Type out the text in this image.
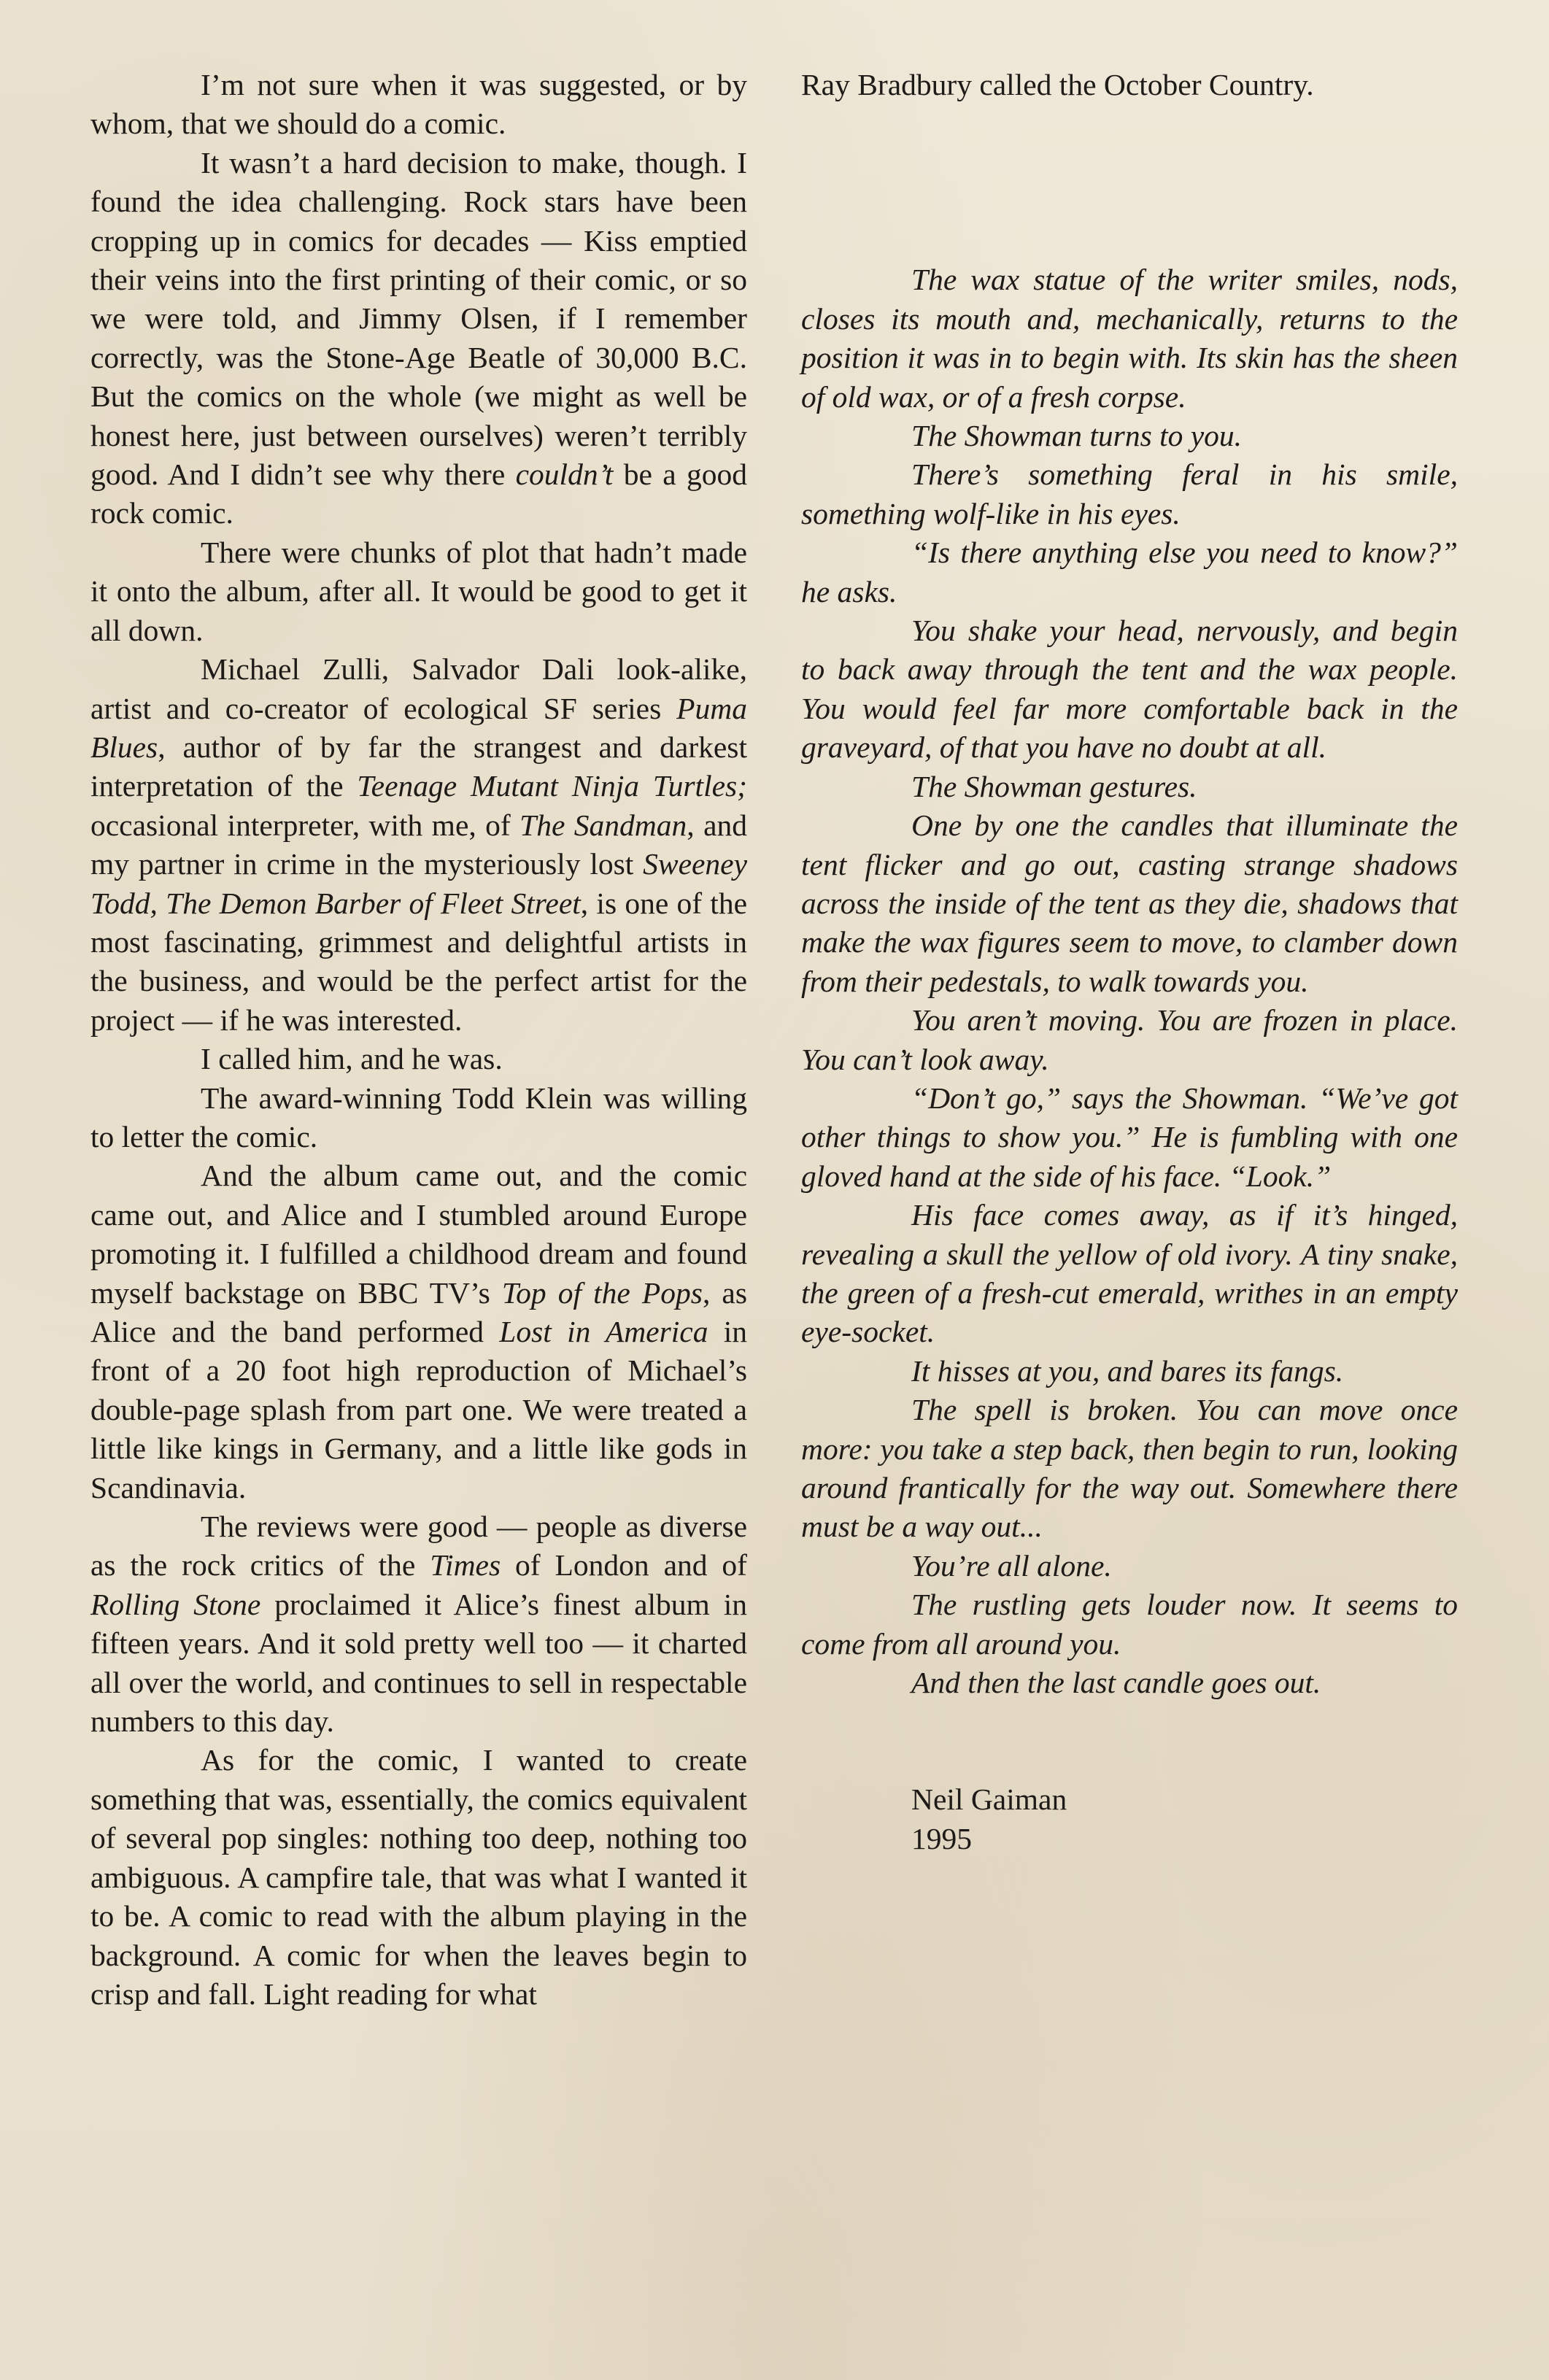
I’m not sure when it was suggested, or by whom, that we should do a comic.

It wasn’t a hard decision to make, though. I found the idea challenging. Rock stars have been cropping up in comics for decades — Kiss emptied their veins into the first printing of their comic, or so we were told, and Jimmy Olsen, if I remember correctly, was the Stone-Age Beatle of 30,000 B.C. But the comics on the whole (we might as well be honest here, just between ourselves) weren’t terribly good. And I didn’t see why there couldn’t be a good rock comic.

There were chunks of plot that hadn’t made it onto the album, after all. It would be good to get it all down.

Michael Zulli, Salvador Dali look-alike, artist and co-creator of ecological SF series Puma Blues, author of by far the strangest and darkest interpretation of the Teenage Mutant Ninja Turtles; occasional interpreter, with me, of The Sandman, and my partner in crime in the mysteriously lost Sweeney Todd, The Demon Barber of Fleet Street, is one of the most fascinating, grimmest and delightful artists in the business, and would be the perfect artist for the project — if he was interested.

I called him, and he was.

The award-winning Todd Klein was willing to letter the comic.

And the album came out, and the comic came out, and Alice and I stumbled around Europe promoting it. I fulfilled a childhood dream and found myself backstage on BBC TV’s Top of the Pops, as Alice and the band performed Lost in America in front of a 20 foot high reproduction of Michael’s double-page splash from part one. We were treated a little like kings in Germany, and a little like gods in Scandinavia.

The reviews were good — people as diverse as the rock critics of the Times of London and of Rolling Stone proclaimed it Alice’s finest album in fifteen years. And it sold pretty well too — it charted all over the world, and continues to sell in respectable numbers to this day.

As for the comic, I wanted to create something that was, essentially, the comics equivalent of several pop singles: nothing too deep, nothing too ambiguous. A campfire tale, that was what I wanted it to be. A comic to read with the album playing in the background. A comic for when the leaves begin to crisp and fall. Light reading for what

Ray Bradbury called the October Country.

The wax statue of the writer smiles, nods, closes its mouth and, mechanically, returns to the position it was in to begin with. Its skin has the sheen of old wax, or of a fresh corpse.

The Showman turns to you.

There’s something feral in his smile, something wolf-like in his eyes.

“Is there anything else you need to know?” he asks.

You shake your head, nervously, and begin to back away through the tent and the wax people. You would feel far more comfortable back in the graveyard, of that you have no doubt at all.

The Showman gestures.

One by one the candles that illuminate the tent flicker and go out, casting strange shadows across the inside of the tent as they die, shadows that make the wax figures seem to move, to clamber down from their pedestals, to walk towards you.

You aren’t moving. You are frozen in place. You can’t look away.

“Don’t go,” says the Showman. “We’ve got other things to show you.” He is fumbling with one gloved hand at the side of his face. “Look.”

His face comes away, as if it’s hinged, revealing a skull the yellow of old ivory. A tiny snake, the green of a fresh-cut emerald, writhes in an empty eye-socket.

It hisses at you, and bares its fangs.

The spell is broken. You can move once more: you take a step back, then begin to run, looking around frantically for the way out. Somewhere there must be a way out...

You’re all alone.

The rustling gets louder now. It seems to come from all around you.

And then the last candle goes out.

Neil Gaiman
1995
